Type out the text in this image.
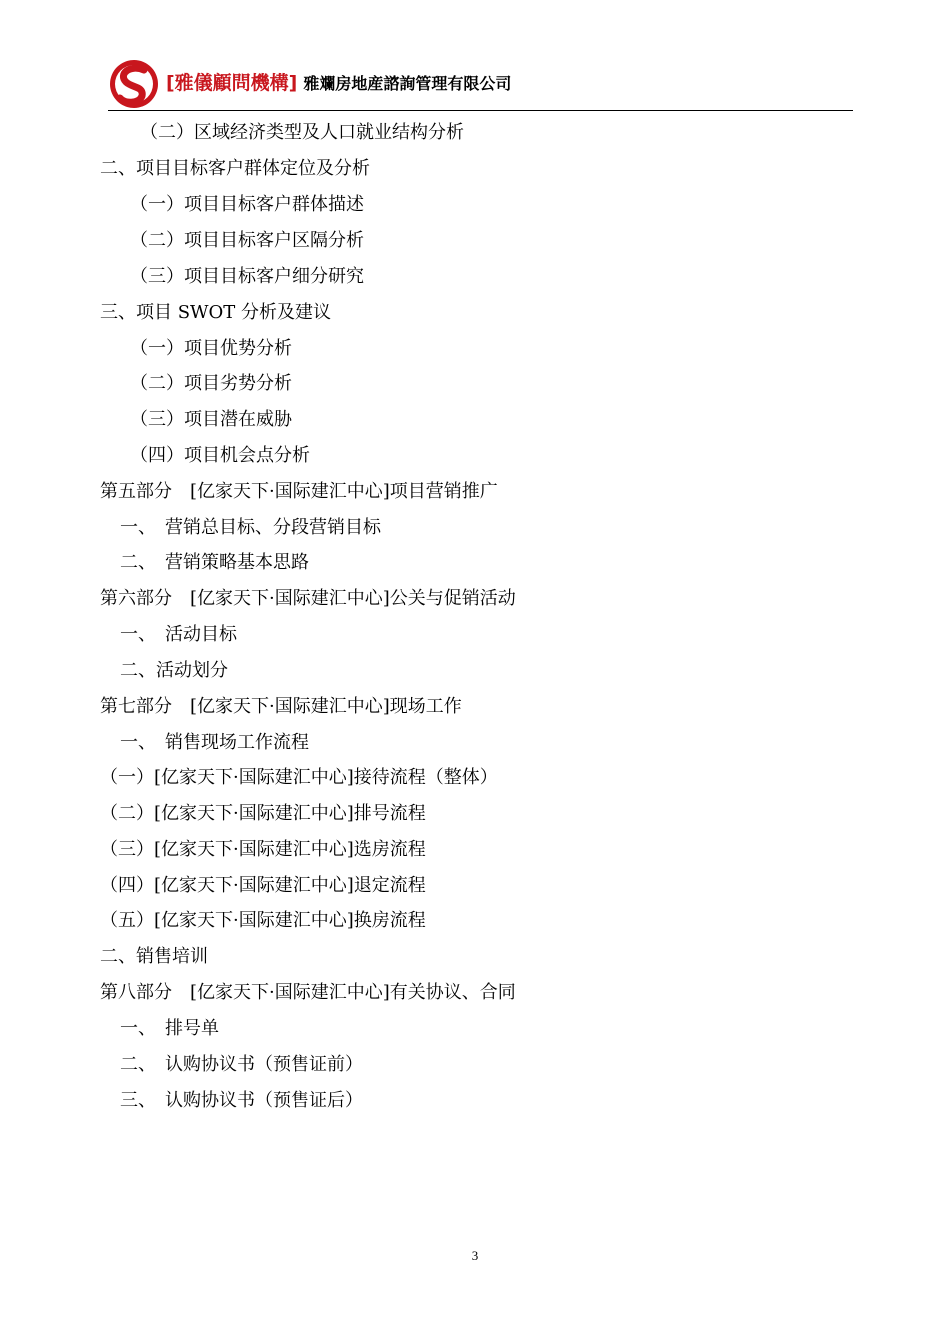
[雅儀顧問機構] 雅斕房地産諮詢管理有限公司
（二）区域经济类型及人口就业结构分析
二、项目目标客户群体定位及分析
（一）项目目标客户群体描述
（二）项目目标客户区隔分析
（三）项目目标客户细分研究
三、项目 SWOT 分析及建议
（一）项目优势分析
（二）项目劣势分析
（三）项目潜在威胁
（四）项目机会点分析
第五部分　[亿家天下·国际建汇中心]项目营销推广
一、　营销总目标、分段营销目标
二、　营销策略基本思路
第六部分　[亿家天下·国际建汇中心]公关与促销活动
一、　活动目标
二、活动划分
第七部分　[亿家天下·国际建汇中心]现场工作
一、　销售现场工作流程
（一）[亿家天下·国际建汇中心]接待流程（整体）
（二）[亿家天下·国际建汇中心]排号流程
（三）[亿家天下·国际建汇中心]选房流程
（四）[亿家天下·国际建汇中心]退定流程
（五）[亿家天下·国际建汇中心]换房流程
二、销售培训
第八部分　[亿家天下·国际建汇中心]有关协议、合同
一、　排号单
二、　认购协议书（预售证前）
三、　认购协议书（预售证后）
3
